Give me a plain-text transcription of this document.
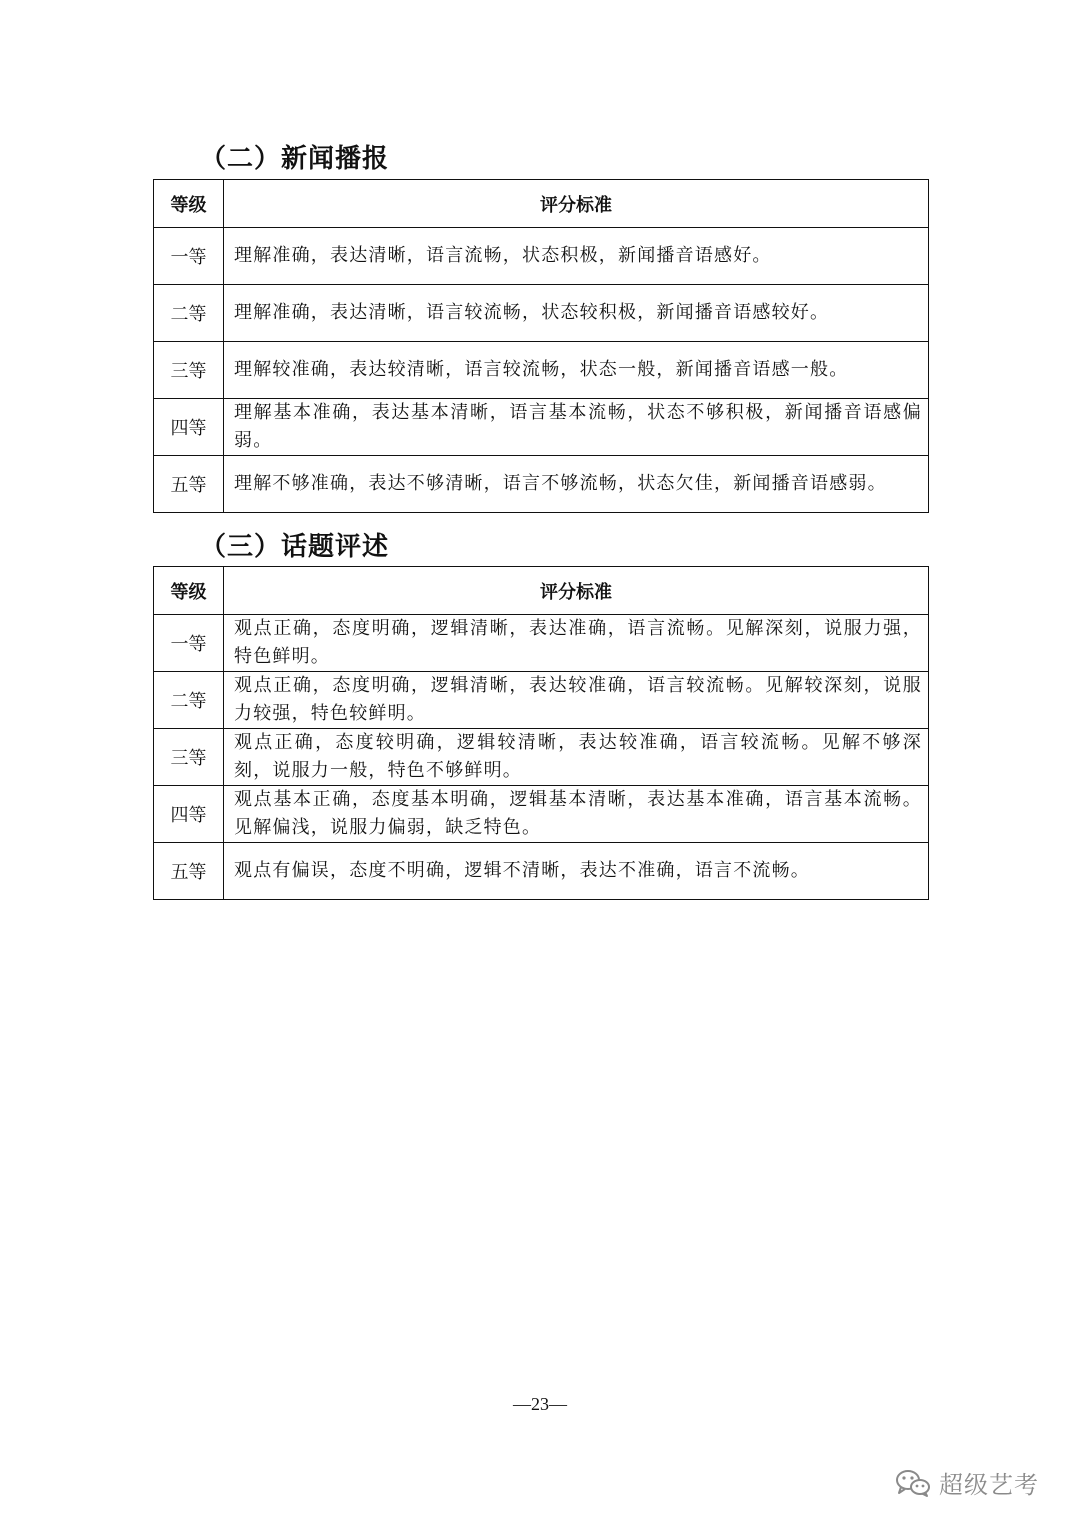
（二）新闻播报
等级	评分标准
一等	理解准确，表达清晰，语言流畅，状态积极，新闻播音语感好。
二等	理解准确，表达清晰，语言较流畅，状态较积极，新闻播音语感较好。
三等	理解较准确，表达较清晰，语言较流畅，状态一般，新闻播音语感一般。
四等	理解基本准确，表达基本清晰，语言基本流畅，状态不够积极，新闻播音语感偏弱。
五等	理解不够准确，表达不够清晰，语言不够流畅，状态欠佳，新闻播音语感弱。
（三）话题评述
等级	评分标准
一等	观点正确，态度明确，逻辑清晰，表达准确，语言流畅。见解深刻，说服力强，特色鲜明。
二等	观点正确，态度明确，逻辑清晰，表达较准确，语言较流畅。见解较深刻，说服力较强，特色较鲜明。
三等	观点正确，态度较明确，逻辑较清晰，表达较准确，语言较流畅。见解不够深刻，说服力一般，特色不够鲜明。
四等	观点基本正确，态度基本明确，逻辑基本清晰，表达基本准确，语言基本流畅。见解偏浅，说服力偏弱，缺乏特色。
五等	观点有偏误，态度不明确，逻辑不清晰，表达不准确，语言不流畅。
—23—
超级艺考
